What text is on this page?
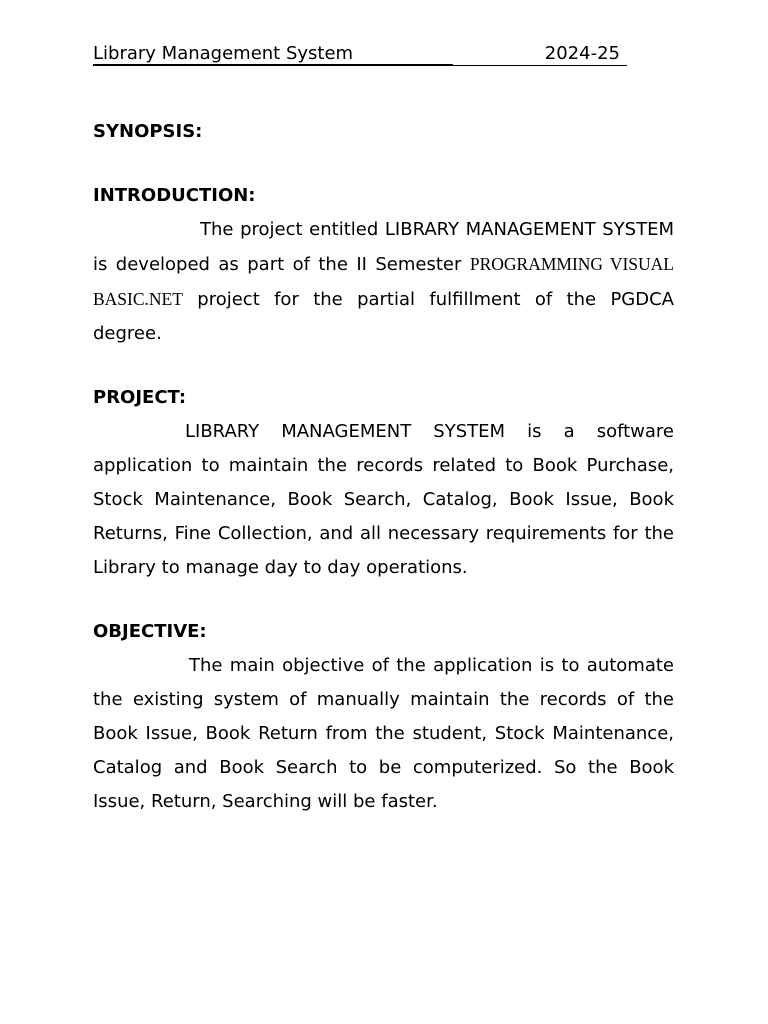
Library Management System	2024-25

SYNOPSIS:

INTRODUCTION:

The project entitled LIBRARY MANAGEMENT SYSTEM is developed as part of the II Semester PROGRAMMING VISUAL BASIC.NET project for the partial fulfillment of the PGDCA degree.

PROJECT:

LIBRARY MANAGEMENT SYSTEM is a software application to maintain the records related to Book Purchase, Stock Maintenance, Book Search, Catalog, Book Issue, Book Returns, Fine Collection, and all necessary requirements for the Library to manage day to day operations.

OBJECTIVE:

The main objective of the application is to automate the existing system of manually maintain the records of the Book Issue, Book Return from the student, Stock Maintenance, Catalog and Book Search to be computerized. So the Book Issue, Return, Searching will be faster.
